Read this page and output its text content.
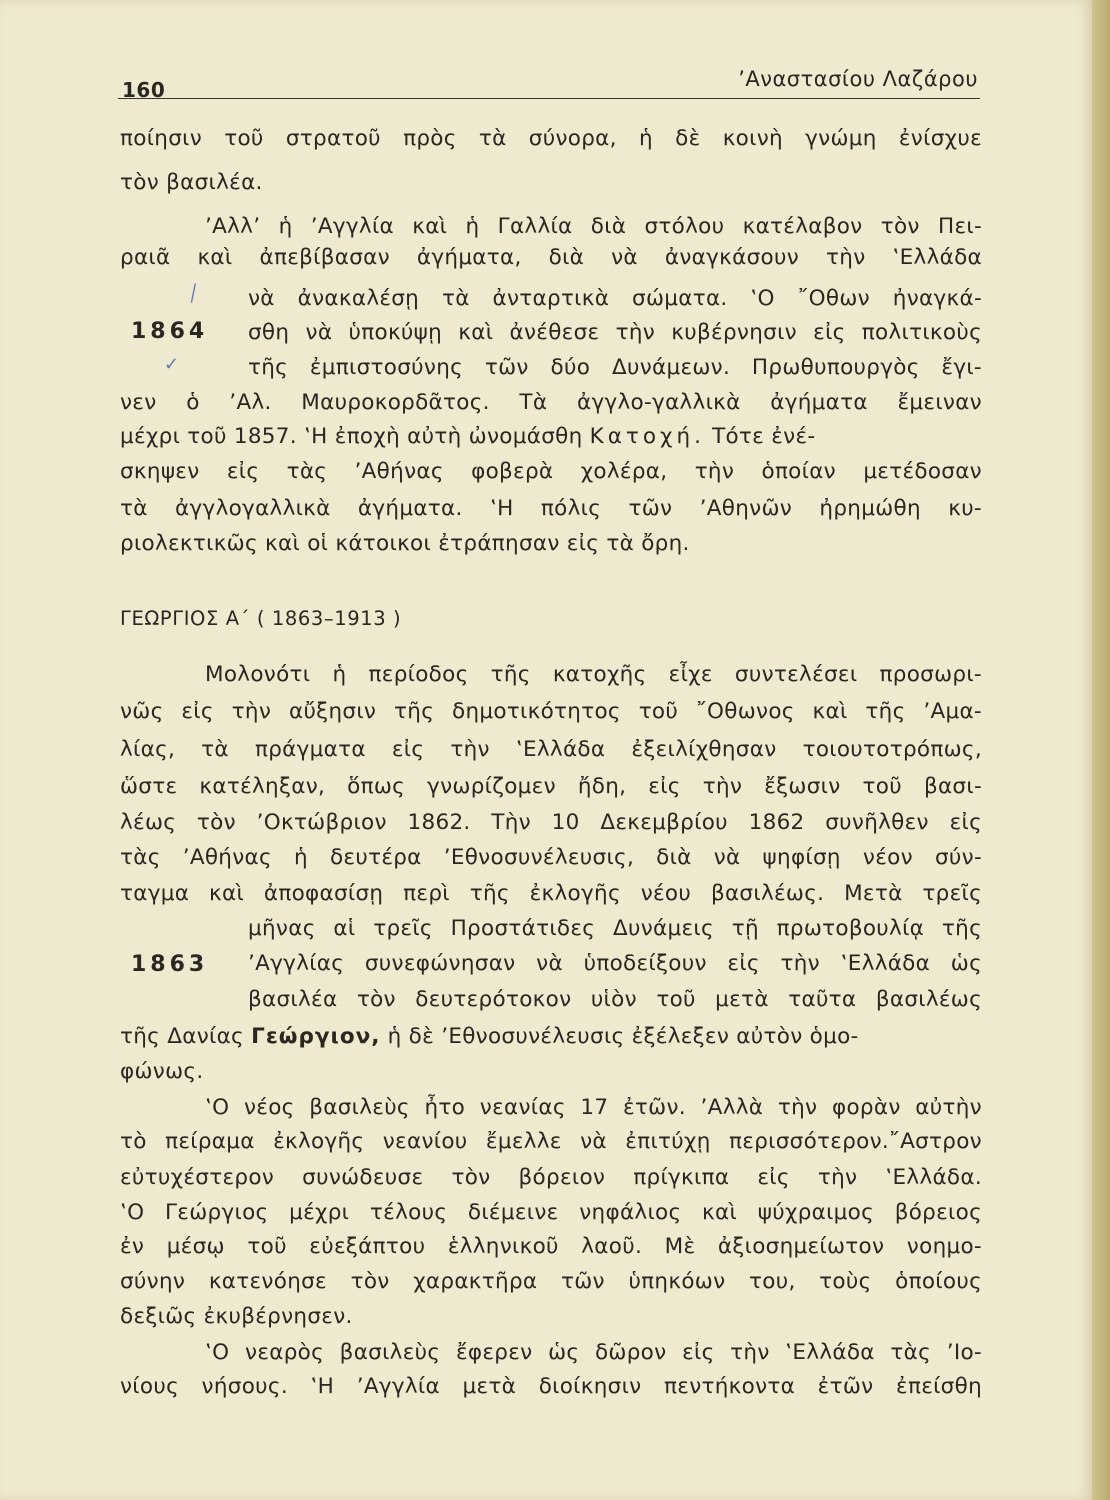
160	’Αναστασίου Λαζάρου
ποίησιν τοῦ στρατοῦ πρὸς τὰ σύνορα, ἡ δὲ κοινὴ γνώμη ἐνίσχυε
τὸν βασιλέα.
’Αλλ’ ἡ ’Αγγλία καὶ ἡ Γαλλία διὰ στόλου κατέλαβον τὸν Πει-
ραιᾶ καὶ ἀπεβίβασαν ἀγήματα, διὰ νὰ ἀναγκάσουν τὴν ‛Ελλάδα
νὰ ἀνακαλέσῃ τὰ ἀνταρτικὰ σώματα. ‛Ο ῎Οθων ἠναγκά-
σθη νὰ ὑποκύψῃ καὶ ἀνέθεσε τὴν κυβέρνησιν εἰς πολιτικοὺς
τῆς ἐμπιστοσύνης τῶν δύο Δυνάμεων. Πρωθυπουργὸς ἔγι-
νεν ὁ ’Αλ. Μαυροκορδᾶτος. Τὰ ἀγγλο-γαλλικὰ ἀγήματα ἔμειναν
μέχρι τοῦ 1857. ‛Η ἐποχὴ αὐτὴ ὠνομάσθη Κατοχή. Τότε ἐνέ-
σκηψεν εἰς τὰς ’Αθήνας φοβερὰ χολέρα, τὴν ὁποίαν μετέδοσαν
τὰ ἀγγλογαλλικὰ ἀγήματα. ‛Η πόλις τῶν ’Αθηνῶν ἠρημώθη κυ-
ριολεκτικῶς καὶ οἱ κάτοικοι ἐτράπησαν εἰς τὰ ὄρη.
ΓΕΩΡΓΙΟΣ Α΄ ( 1863–1913 )
Μολονότι ἡ περίοδος τῆς κατοχῆς εἶχε συντελέσει προσωρι-
νῶς εἰς τὴν αὔξησιν τῆς δημοτικότητος τοῦ ῎Οθωνος καὶ τῆς ’Αμα-
λίας, τὰ πράγματα εἰς τὴν ‛Ελλάδα ἐξειλίχθησαν τοιουτοτρόπως,
ὥστε κατέληξαν, ὅπως γνωρίζομεν ἤδη, εἰς τὴν ἔξωσιν τοῦ βασι-
λέως τὸν ’Οκτώβριον 1862. Τὴν 10 Δεκεμβρίου 1862 συνῆλθεν εἰς
τὰς ’Αθήνας ἡ δευτέρα ’Εθνοσυνέλευσις, διὰ νὰ ψηφίσῃ νέον σύν-
ταγμα καὶ ἀποφασίσῃ περὶ τῆς ἐκλογῆς νέου βασιλέως. Μετὰ τρεῖς
μῆνας αἱ τρεῖς Προστάτιδες Δυνάμεις τῇ πρωτοβουλίᾳ τῆς
’Αγγλίας συνεφώνησαν νὰ ὑποδείξουν εἰς τὴν ‛Ελλάδα ὡς
βασιλέα τὸν δευτερότοκον υἱὸν τοῦ μετὰ ταῦτα βασιλέως
τῆς Δανίας Γεώργιον, ἡ δὲ ’Εθνοσυνέλευσις ἐξέλεξεν αὐτὸν ὁμο-
φώνως.
‛Ο νέος βασιλεὺς ἦτο νεανίας 17 ἐτῶν. ’Αλλὰ τὴν φορὰν αὐτὴν
τὸ πείραμα ἐκλογῆς νεανίου ἔμελλε νὰ ἐπιτύχῃ περισσότερον.῎Αστρον
εὐτυχέστερον συνώδευσε τὸν βόρειον πρίγκιπα εἰς τὴν ‛Ελλάδα.
‛Ο Γεώργιος μέχρι τέλους διέμεινε νηφάλιος καὶ ψύχραιμος βόρειος
ἐν μέσῳ τοῦ εὐεξάπτου ἑλληνικοῦ λαοῦ. Μὲ ἀξιοσημείωτον νοημο-
σύνην κατενόησε τὸν χαρακτῆρα τῶν ὑπηκόων του, τοὺς ὁποίους
δεξιῶς ἐκυβέρνησεν.
‛Ο νεαρὸς βασιλεὺς ἔφερεν ὡς δῶρον εἰς τὴν ‛Ελλάδα τὰς ’Ιο-
νίους νήσους. ‛Η ’Αγγλία μετὰ διοίκησιν πεντήκοντα ἐτῶν ἐπείσθη
1864
1863
⁄
✓
